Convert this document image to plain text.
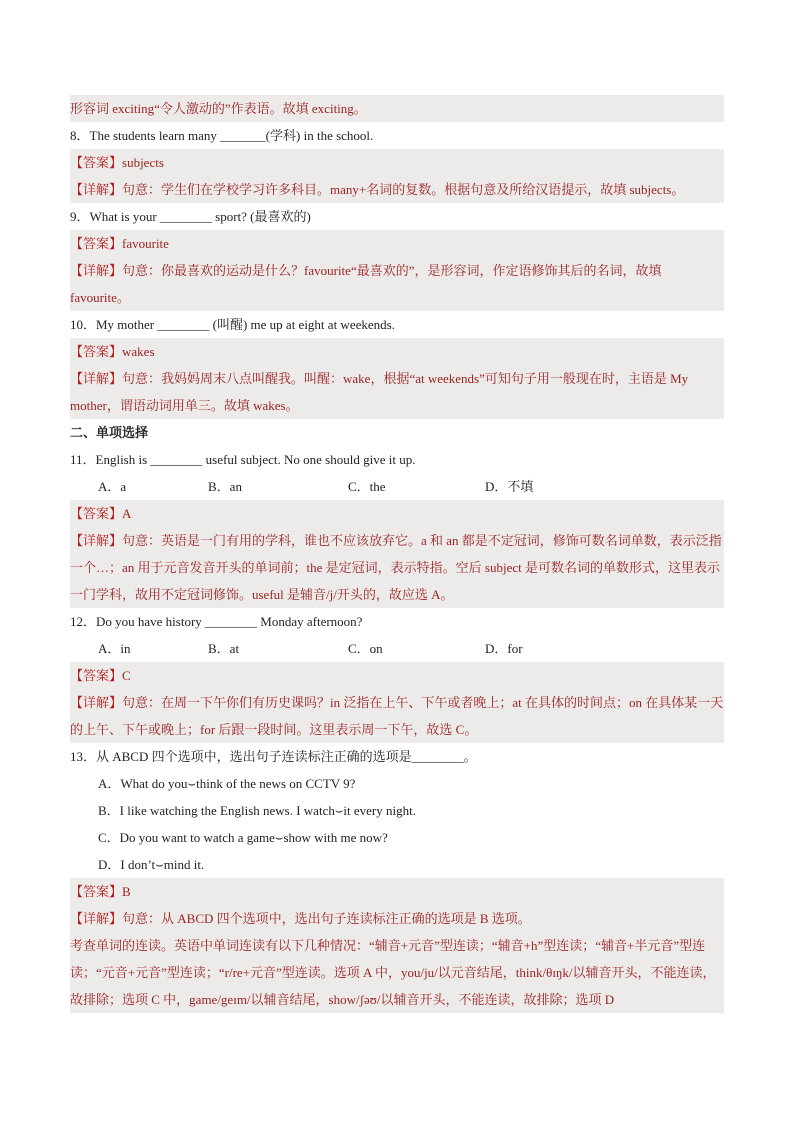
形容词 exciting“令人激动的”作表语。故填 exciting。
8．The students learn many _______(学科) in the school.
【答案】subjects
【详解】句意：学生们在学校学习许多科目。many+名词的复数。根据句意及所给汉语提示，故填 subjects。
9．What is your ________ sport? (最喜欢的)
【答案】favourite
【详解】句意：你最喜欢的运动是什么？favourite“最喜欢的”，是形容词，作定语修饰其后的名词，故填 favourite。
10．My mother ________ (叫醒) me up at eight at weekends.
【答案】wakes
【详解】句意：我妈妈周末八点叫醒我。叫醒：wake，根据“at weekends”可知句子用一般现在时，主语是 My mother，谓语动词用单三。故填 wakes。
二、单项选择
11．English is ________ useful subject. No one should give it up.
A．a	B．an	C．the	D．不填
【答案】A
【详解】句意：英语是一门有用的学科，谁也不应该放弃它。a 和 an 都是不定冠词，修饰可数名词单数，表示泛指一个…；an 用于元音发音开头的单词前；the 是定冠词，表示特指。空后 subject 是可数名词的单数形式，这里表示一门学科，故用不定冠词修饰。useful 是辅音/j/开头的，故应选 A。
12．Do you have history ________ Monday afternoon?
A．in	B．at	C．on	D．for
【答案】C
【详解】句意：在周一下午你们有历史课吗？in 泛指在上午、下午或者晚上；at 在具体的时间点；on 在具体某一天的上午、下午或晚上；for 后跟一段时间。这里表示周一下午，故选 C。
13．从 ABCD 四个选项中，选出句子连读标注正确的选项是________。
A．What do you⌣think of the news on CCTV 9?
B．I like watching the English news. I watch⌣it every night.
C．Do you want to watch a game⌣show with me now?
D．I don’t⌣mind it.
【答案】B
【详解】句意：从 ABCD 四个选项中，选出句子连读标注正确的选项是 B 选项。
考查单词的连读。英语中单词连读有以下几种情况：“辅音+元音”型连读；“辅音+h”型连读；“辅音+半元音”型连读；“元音+元音”型连读；“r/re+元音”型连读。选项 A 中，you/ju/以元音结尾，think/θɪŋk/以辅音开头，不能连读，故排除；选项 C 中，game/geɪm/以辅音结尾，show/ʃəʊ/以辅音开头，不能连读，故排除；选项 D
